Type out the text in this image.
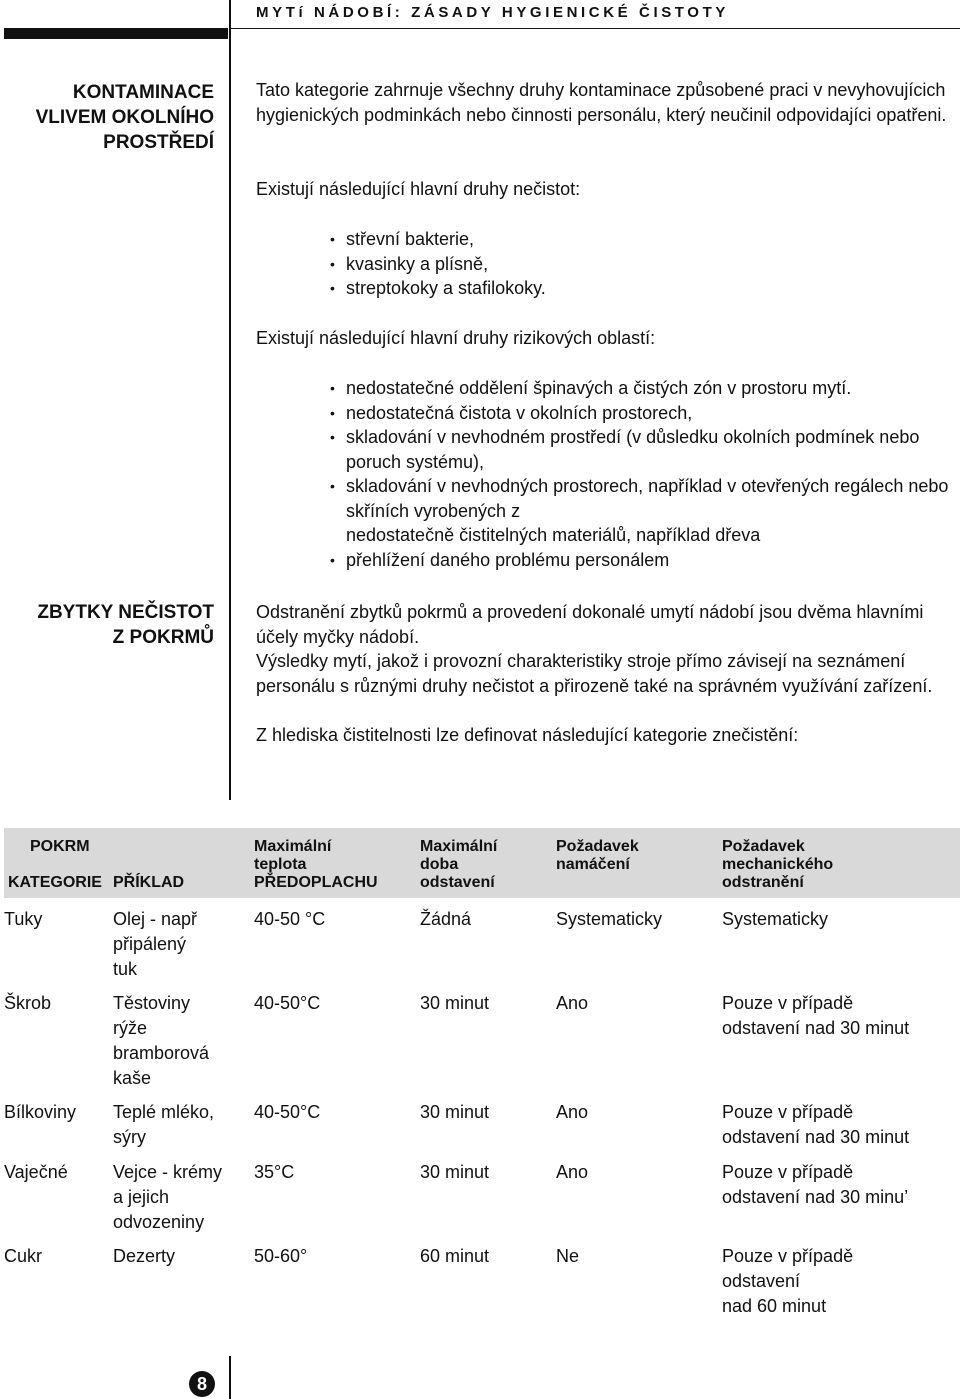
MYTí NÁDOBÍ: ZÁSADY HYGIENICKÉ ČISTOTY
KONTAMINACE
VLIVEM OKOLNÍHO
PROSTŘEDÍ
Tato kategorie zahrnuje všechny druhy kontaminace způsobené praci v nevyhovujícich hygienických podminkách nebo činnosti personálu, který neučinil odpovidajíci opatřeni.
Existují následující hlavní druhy nečistot:
• střevní bakterie,
• kvasinky a plísně,
• streptokoky a stafilokoky.
Existují následující hlavní druhy rizikových oblastí:
• nedostatečné oddělení špinavých a čistých zón v prostoru mytí.
• nedostatečná čistota v okolních prostorech,
• skladování v nevhodném prostředí (v důsledku okolních podmínek nebo poruch systému),
• skladování v nevhodných prostorech, například v otevřených regálech nebo skříních vyrobených z
nedostatečně čistitelných materiálů, například dřeva
• přehlížení daného problému personálem
ZBYTKY NEČISTOT
Z POKRMŮ
Odstranění zbytků pokrmů a provedení dokonalé umytí nádobí jsou dvěma hlavními účely myčky nádobí.
Výsledky mytí, jakož i provozní charakteristiky stroje přímo závisejí na seznámení personálu s různými druhy nečistot a přirozeně také na správném využívání zařízení.
Z hlediska čistitelnosti lze definovat následující kategorie znečistění:
POKRM
KATEGORIE PŘÍKLAD
Maximální
teplota
PŘEDOPLACHU
Maximální
doba
odstavení
Požadavek
namáčení
Požadavek
mechanického
odstranění
Tuky	Olej - např
připálený
tuk
40-50 °C	Žádná	Systematicky	Systematicky
Škrob	Těstoviny
rýže
bramborová
kaše
40-50°C	30 minut	Ano	Pouze v případě
odstavení nad 30 minut
Bílkoviny Teplé mléko,
sýry
40-50°C	30 minut	Ano	Pouze v případě
odstavení nad 30 minut
Vaječné	Vejce - krémy
a jejich
odvozeniny
35°C	30 minut	Ano	Pouze v případě
odstavení nad 30 minu’
Cukr	Dezerty	50-60°	60 minut	Ne	Pouze v případě
odstavení
nad 60 minut
8
